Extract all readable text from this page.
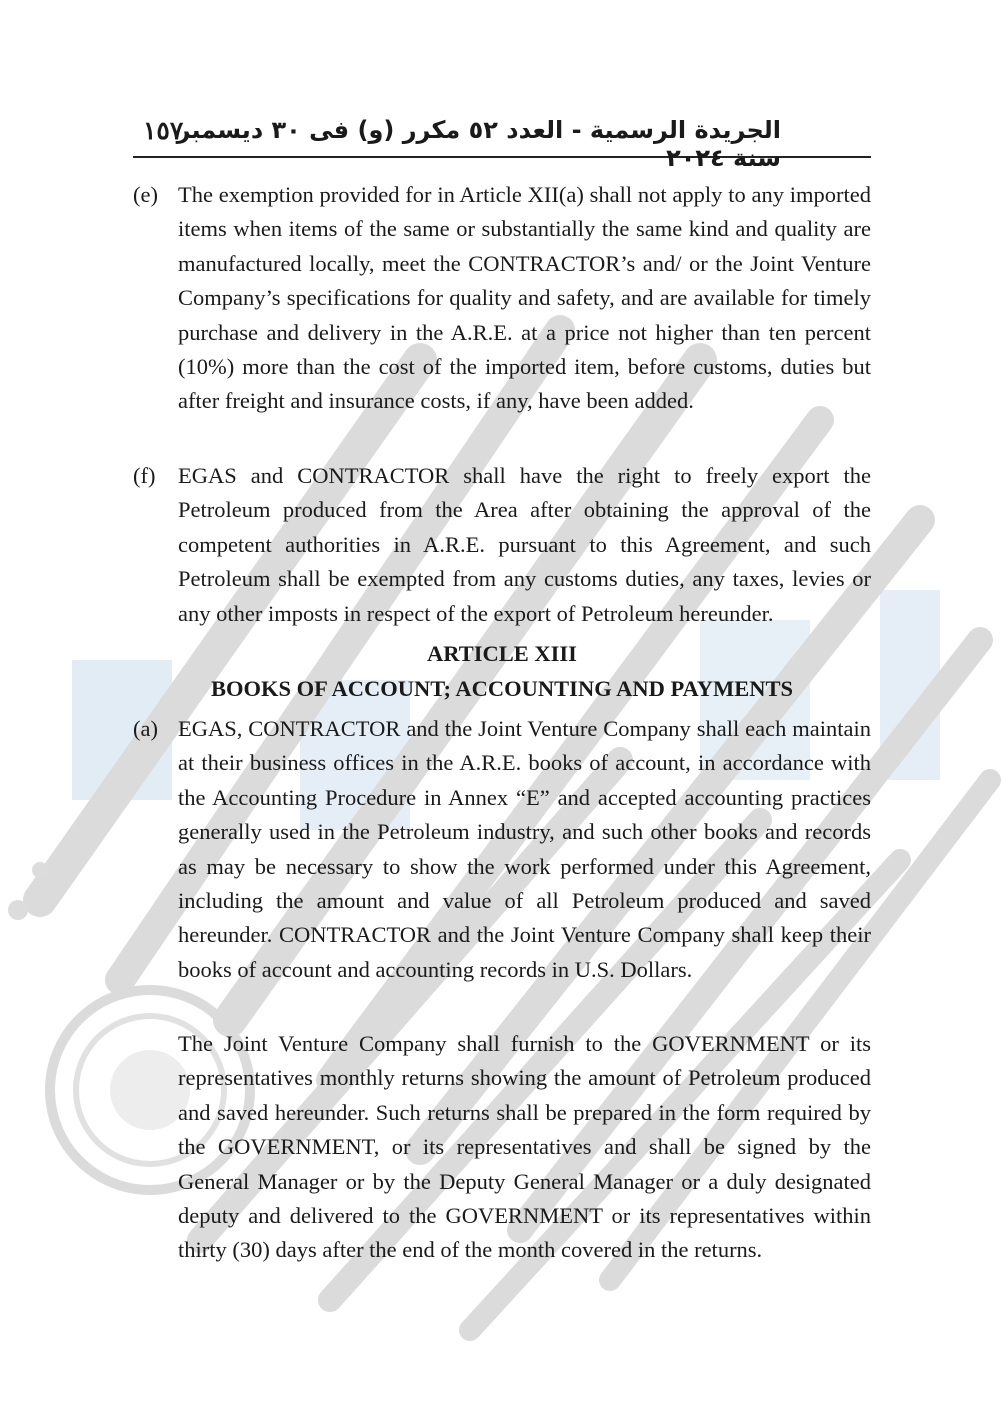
١٥٧
الجريدة الرسمية - العدد ٥٢ مكرر (و) فى ٣٠ ديسمبر سنة ٢٠٢٤
(e) The exemption provided for in Article XII(a) shall not apply to any imported items when items of the same or substantially the same kind and quality are manufactured locally, meet the CONTRACTOR’s and/ or the Joint Venture Company’s specifications for quality and safety, and are available for timely purchase and delivery in the A.R.E. at a price not higher than ten percent (10%) more than the cost of the imported item, before customs, duties but after freight and insurance costs, if any, have been added.
(f) EGAS and CONTRACTOR shall have the right to freely export the Petroleum produced from the Area after obtaining the approval of the competent authorities in A.R.E. pursuant to this Agreement, and such Petroleum shall be exempted from any customs duties, any taxes, levies or any other imposts in respect of the export of Petroleum hereunder.
ARTICLE XIII
BOOKS OF ACCOUNT; ACCOUNTING AND PAYMENTS
(a) EGAS, CONTRACTOR and the Joint Venture Company shall each maintain at their business offices in the A.R.E. books of account, in accordance with the Accounting Procedure in Annex “E” and accepted accounting practices generally used in the Petroleum industry, and such other books and records as may be necessary to show the work performed under this Agreement, including the amount and value of all Petroleum produced and saved hereunder. CONTRACTOR and the Joint Venture Company shall keep their books of account and accounting records in U.S. Dollars.
The Joint Venture Company shall furnish to the GOVERNMENT or its representatives monthly returns showing the amount of Petroleum produced and saved hereunder. Such returns shall be prepared in the form required by the GOVERNMENT, or its representatives and shall be signed by the General Manager or by the Deputy General Manager or a duly designated deputy and delivered to the GOVERNMENT or its representatives within thirty (30) days after the end of the month covered in the returns.
